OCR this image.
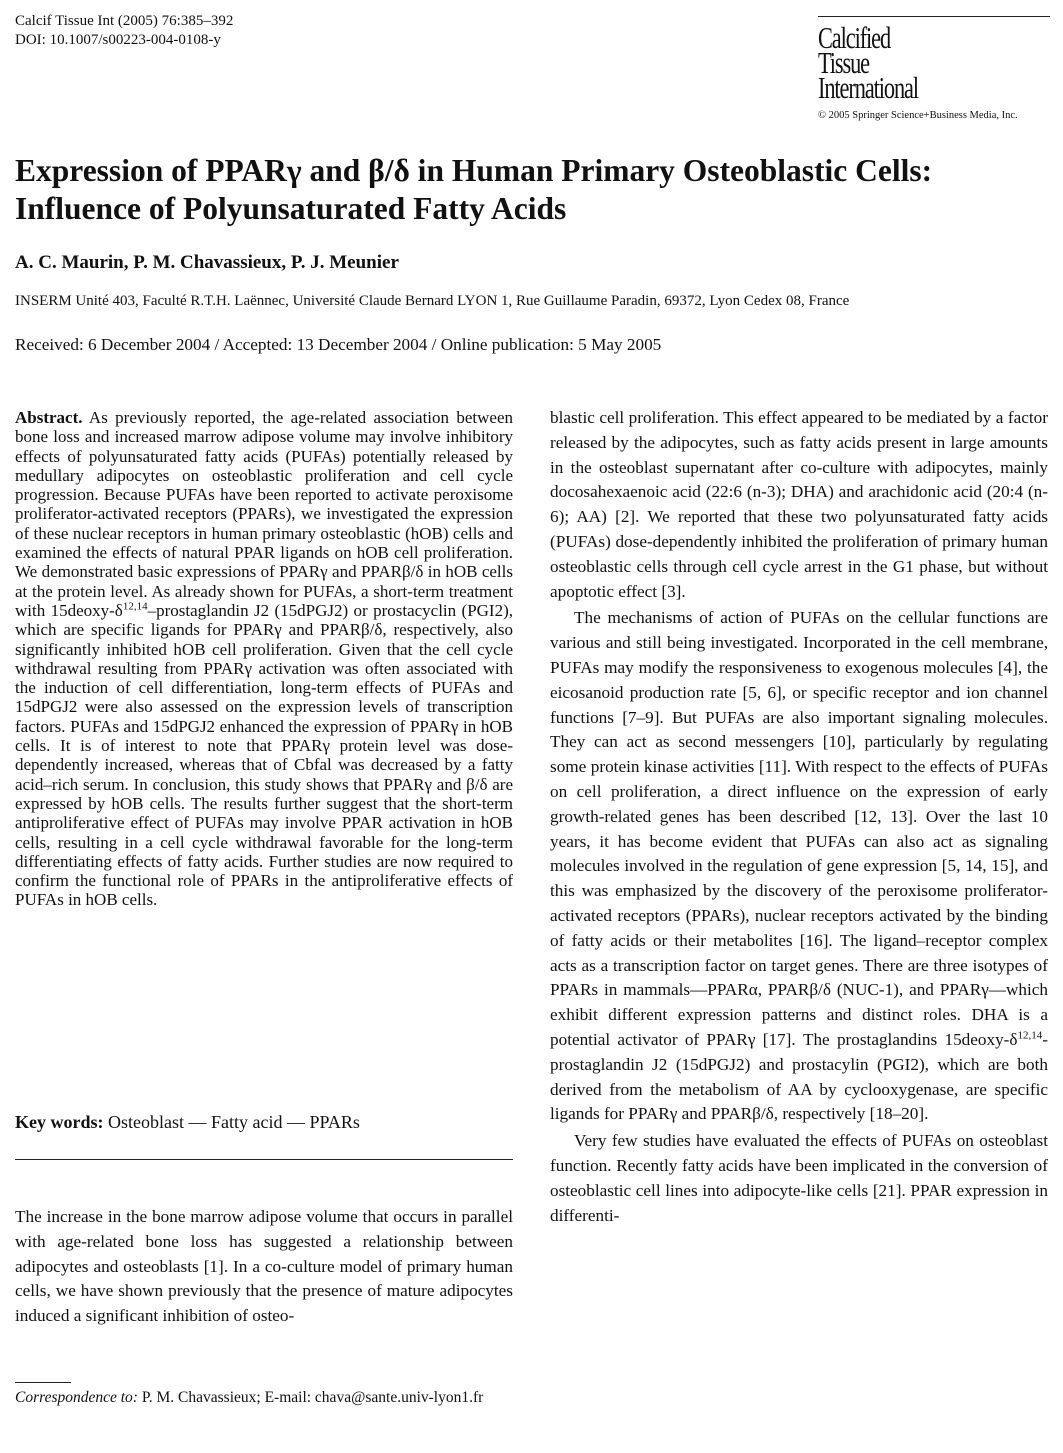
Calcif Tissue Int (2005) 76:385–392
DOI: 10.1007/s00223-004-0108-y	Calcified
Tissue
International
© 2005 Springer Science+Business Media, Inc.
Expression of PPARγ and β/δ in Human Primary Osteoblastic Cells: Influence of Polyunsaturated Fatty Acids
A. C. Maurin, P. M. Chavassieux, P. J. Meunier
INSERM Unité 403, Faculté R.T.H. Laënnec, Université Claude Bernard LYON 1, Rue Guillaume Paradin, 69372, Lyon Cedex 08, France
Received: 6 December 2004 / Accepted: 13 December 2004 / Online publication: 5 May 2005
Abstract. As previously reported, the age-related association between bone loss and increased marrow adipose volume may involve inhibitory effects of polyunsaturated fatty acids (PUFAs) potentially released by medullary adipocytes on osteoblastic proliferation and cell cycle progression. Because PUFAs have been reported to activate peroxisome proliferator-activated receptors (PPARs), we investigated the expression of these nuclear receptors in human primary osteoblastic (hOB) cells and examined the effects of natural PPAR ligands on hOB cell proliferation. We demonstrated basic expressions of PPARγ and PPARβ/δ in hOB cells at the protein level. As already shown for PUFAs, a short-term treatment with $15deoxy-\delta^{12,14}$–prostaglandin J2 (15dPGJ2) or prostacyclin (PGI2), which are specific ligands for PPARγ and PPARβ/δ, respectively, also significantly inhibited hOB cell proliferation. Given that the cell cycle withdrawal resulting from PPARγ activation was often associated with the induction of cell differentiation, long-term effects of PUFAs and 15dPGJ2 were also assessed on the expression levels of transcription factors. PUFAs and 15dPGJ2 enhanced the expression of PPARγ in hOB cells. It is of interest to note that PPARγ protein level was dose-dependently increased, whereas that of Cbfal was decreased by a fatty acid–rich serum. In conclusion, this study shows that PPARγ and β/δ are expressed by hOB cells. The results further suggest that the short-term antiproliferative effect of PUFAs may involve PPAR activation in hOB cells, resulting in a cell cycle withdrawal favorable for the long-term differentiating effects of fatty acids. Further studies are now required to confirm the functional role of PPARs in the antiproliferative effects of PUFAs in hOB cells.
Key words: Osteoblast — Fatty acid — PPARs
The increase in the bone marrow adipose volume that occurs in parallel with age-related bone loss has suggested a relationship between adipocytes and osteoblasts [1]. In a co-culture model of primary human cells, we have shown previously that the presence of mature adipocytes induced a significant inhibition of osteo-
Correspondence to: P. M. Chavassieux; E-mail: chava@sante.univ-lyon1.fr

blastic cell proliferation. This effect appeared to be mediated by a factor released by the adipocytes, such as fatty acids present in large amounts in the osteoblast supernatant after co-culture with adipocytes, mainly docosahexaenoic acid (22:6 (n-3); DHA) and arachidonic acid (20:4 (n-6); AA) [2]. We reported that these two polyunsaturated fatty acids (PUFAs) dose-dependently inhibited the proliferation of primary human osteoblastic cells through cell cycle arrest in the G1 phase, but without apoptotic effect [3].

The mechanisms of action of PUFAs on the cellular functions are various and still being investigated. Incorporated in the cell membrane, PUFAs may modify the responsiveness to exogenous molecules [4], the eicosanoid production rate [5, 6], or specific receptor and ion channel functions [7–9]. But PUFAs are also important signaling molecules. They can act as second messengers [10], particularly by regulating some protein kinase activities [11]. With respect to the effects of PUFAs on cell proliferation, a direct influence on the expression of early growth-related genes has been described [12, 13]. Over the last 10 years, it has become evident that PUFAs can also act as signaling molecules involved in the regulation of gene expression [5, 14, 15], and this was emphasized by the discovery of the peroxisome proliferator-activated receptors (PPARs), nuclear receptors activated by the binding of fatty acids or their metabolites [16]. The ligand–receptor complex acts as a transcription factor on target genes. There are three isotypes of PPARs in mammals—PPARα, PPARβ/δ (NUC-1), and PPARγ—which exhibit different expression patterns and distinct roles. DHA is a potential activator of PPARγ [17]. The prostaglandins $15deoxy-\delta^{12,14}$-prostaglandin J2 (15dPGJ2) and prostacylin (PGI2), which are both derived from the metabolism of AA by cyclooxygenase, are specific ligands for PPARγ and PPARβ/δ, respectively [18–20].

Very few studies have evaluated the effects of PUFAs on osteoblast function. Recently fatty acids have been implicated in the conversion of osteoblastic cell lines into adipocyte-like cells [21]. PPAR expression in differenti-
